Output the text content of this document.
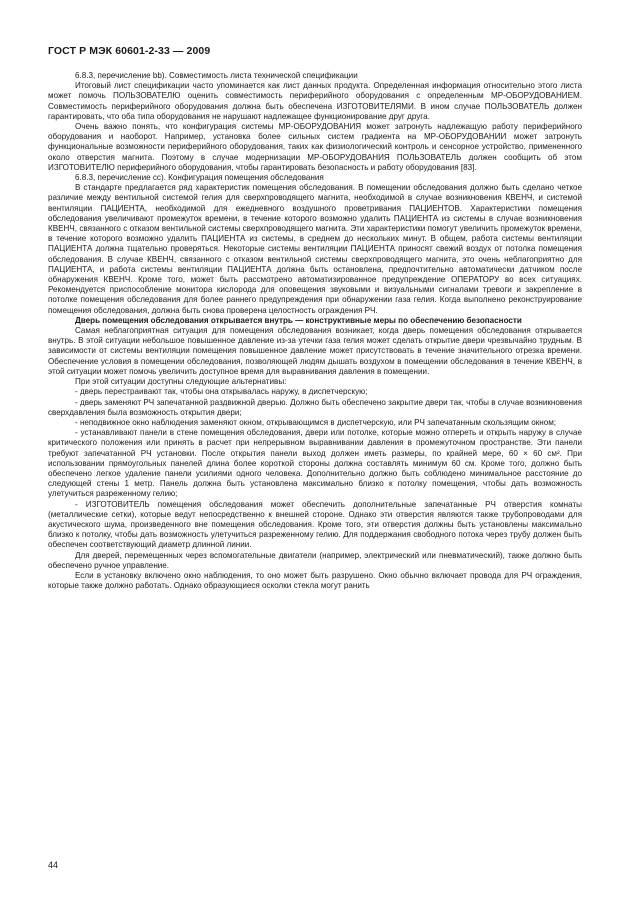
ГОСТ Р МЭК 60601-2-33 — 2009

6.8.3, перечисление bb). Совместимость листа технической спецификации

Итоговый лист спецификации часто упоминается как лист данных продукта. Определенная информация относительно этого листа может помочь ПОЛЬЗОВАТЕЛЮ оценить совместимость периферийного оборудования с определенным МР-ОБОРУДОВАНИЕМ. Совместимость периферийного оборудования должна быть обеспечена ИЗГОТОВИТЕЛЯМИ. В ином случае ПОЛЬЗОВАТЕЛЬ должен гарантировать, что оба типа оборудования не нарушают надлежащее функционирование друг друга.

Очень важно понять, что конфигурация системы МР-ОБОРУДОВАНИЯ может затронуть надлежащую работу периферийного оборудования и наоборот. Например, установка более сильных систем градиента на МР-ОБОРУДОВАНИИ может затронуть функциональные возможности периферийного оборудования, таких как физиологический контроль и сенсорное устройство, примененного около отверстия магнита. Поэтому в случае модернизации МР-ОБОРУДОВАНИЯ ПОЛЬЗОВАТЕЛЬ должен сообщить об этом ИЗГОТОВИТЕЛЮ периферийного оборудования, чтобы гарантировать безопасность и работу оборудования [83].

6.8.3, перечисление cc). Конфигурация помещения обследования

В стандарте предлагается ряд характеристик помещения обследования. В помещении обследования должно быть сделано четкое различие между вентильной системой гелия для сверхпроводящего магнита, необходимой в случае возникновения КВЕНЧ, и системой вентиляции ПАЦИЕНТА, необходимой для ежедневного воздушного проветривания ПАЦИЕНТОВ. Характеристики помещения обследования увеличивают промежуток времени, в течение которого возможно удалить ПАЦИЕНТА из системы в случае возникновения КВЕНЧ, связанного с отказом вентильной системы сверхпроводящего магнита. Эти характеристики помогут увеличить промежуток времени, в течение которого возможно удалить ПАЦИЕНТА из системы, в среднем до нескольких минут. В общем, работа системы вентиляции ПАЦИЕНТА должна тщательно проверяться. Некоторые системы вентиляции ПАЦИЕНТА приносят свежий воздух от потолка помещения обследования. В случае КВЕНЧ, связанного с отказом вентильной системы сверхпроводящего магнита, это очень неблагоприятно для ПАЦИЕНТА, и работа системы вентиляции ПАЦИЕНТА должна быть остановлена, предпочтительно автоматически датчиком после обнаружения КВЕНЧ. Кроме того, может быть рассмотрено автоматизированное предупреждение ОПЕРАТОРУ во всех ситуациях. Рекомендуется приспособление монитора кислорода для оповещения звуковыми и визуальными сигналами тревоги и закрепление в потолке помещения обследования для более раннего предупреждения при обнаружении газа гелия. Когда выполнено реконструирование помещения обследования, должна быть снова проверена целостность ограждения РЧ.

Дверь помещения обследования открывается внутрь — конструктивные меры по обеспечению безопасности

Самая неблагоприятная ситуация для помещения обследования возникает, когда дверь помещения обследования открывается внутрь. В этой ситуации небольшое повышенное давление из-за утечки газа гелия может сделать открытие двери чрезвычайно трудным. В зависимости от системы вентиляции помещения повышенное давление может присутствовать в течение значительного отрезка времени. Обеспечение условия в помещении обследования, позволяющей людям дышать воздухом в помещении обследования в течение КВЕНЧ, в этой ситуации может помочь увеличить доступное время для выравнивания давления в помещении.

При этой ситуации доступны следующие альтернативы:

- дверь перестраивают так, чтобы она открывалась наружу, в диспетчерскую;

- дверь заменяют РЧ запечатанной раздвижной дверью. Должно быть обеспечено закрытие двери так, чтобы в случае возникновения сверхдавления была возможность открытия двери;

- неподвижное окно наблюдения заменяют окном, открывающимся в диспетчерскую, или РЧ запечатанным скользящим окном;

- устанавливают панели в стене помещения обследования, двери или потолке, которые можно отпереть и открыть наружу в случае критического положения или принять в расчет при непрерывном выравнивании давления в промежуточном пространстве. Эти панели требуют запечатанной РЧ установки. После открытия панели выход должен иметь размеры, по крайней мере, 60 × 60 см². При использовании прямоугольных панелей длина более короткой стороны должна составлять минимум 60 см. Кроме того, должно быть обеспечено легкое удаление панели усилиями одного человека. Дополнительно должно быть соблюдено минимальное расстояние до следующей стены 1 метр. Панель должна быть установлена максимально близко к потолку помещения, чтобы дать возможность улетучиться разреженному гелию;

- ИЗГОТОВИТЕЛЬ помещения обследования может обеспечить дополнительные запечатанные РЧ отверстия комнаты (металлические сетки), которые ведут непосредственно к внешней стороне. Однако эти отверстия являются также трубопроводами для акустического шума, произведенного вне помещения обследования. Кроме того, эти отверстия должны быть установлены максимально близко к потолку, чтобы дать возможность улетучиться разреженному гелию. Для поддержания свободного потока через трубу должен быть обеспечен соответствующий диаметр длинной линии.

Для дверей, перемещенных через вспомогательные двигатели (например, электрический или пневматический), также должно быть обеспечено ручное управление.

Если в установку включено окно наблюдения, то оно может быть разрушено. Окно обычно включает провода для РЧ ограждения, которые также должно работать. Однако образующиеся осколки стекла могут ранить

44
